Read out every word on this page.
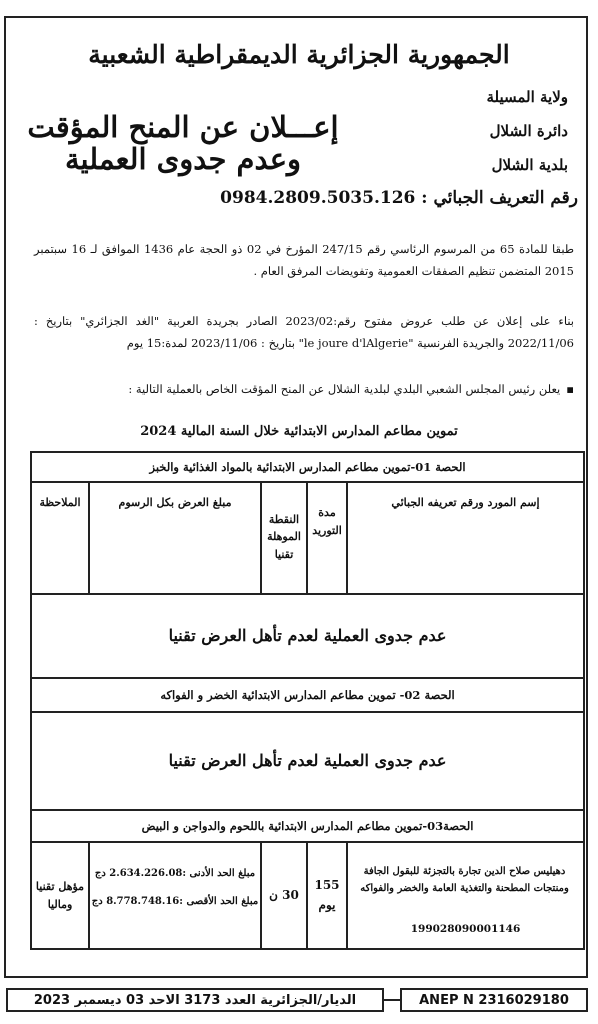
الجمهورية الجزائرية الديمقراطية الشعبية
ولاية المسيلة
دائرة الشلال
بلدية الشلال
إعـــلان عن المنح المؤقت وعدم جدوى العملية
رقم التعريف الجبائي : 0984.2809.5035.126
طبقا للمادة 65 من المرسوم الرئاسي رقم 247/15 المؤرخ في 02 ذو الحجة عام 1436 الموافق لـ 16 سبتمبر 2015 المتضمن تنظيم الصفقات العمومية وتفويضات المرفق العام .
بناء على إعلان عن طلب عروض مفتوح رقم:2023/02 الصادر بجريدة العربية "الغد الجزائري" بتاريخ : 2022/11/06 والجريدة الفرنسية "le joure d'lAlgerie" بتاريخ : 2023/11/06 لمدة:15 يوم
▪ يعلن رئيس المجلس الشعبي البلدي لبلدية الشلال عن المنح المؤقت الخاص بالعملية التالية :
تموين مطاعم المدارس الابتدائية خلال السنة المالية 2024
الحصة 01-تموين مطاعم المدارس الابتدائية بالمواد الغذائية والخبز
إسم المورد ورقم تعريفه الجبائي
مدة التوريد
النقطة الموهلة تقنيا
مبلغ العرض بكل الرسوم
الملاحظة
عدم جدوى العملية لعدم تأهل العرض تقنيا
الحصة 02- تموين مطاعم المدارس الابتدائية الخضر و الفواكه
عدم جدوى العملية لعدم تأهل العرض تقنيا
الحصة03-تموين مطاعم المدارس الابتدائية باللحوم والدواجن و البيض
دهيليس صلاح الدين تجارة بالتجزئة للبقول الجافة ومنتجات المطحنة والتغذية العامة والخضر والفواكه
199028090001146
155 يوم
30 ن
مبلغ الحد الأدنى :2.634.226.08 دج
مبلغ الحد الأقصى :8.778.748.16 دج
مؤهل تقنيا وماليا
الديار/الجزائرية العدد 3173 الاحد 03 ديسمبر 2023	ANEP N 2316029180
